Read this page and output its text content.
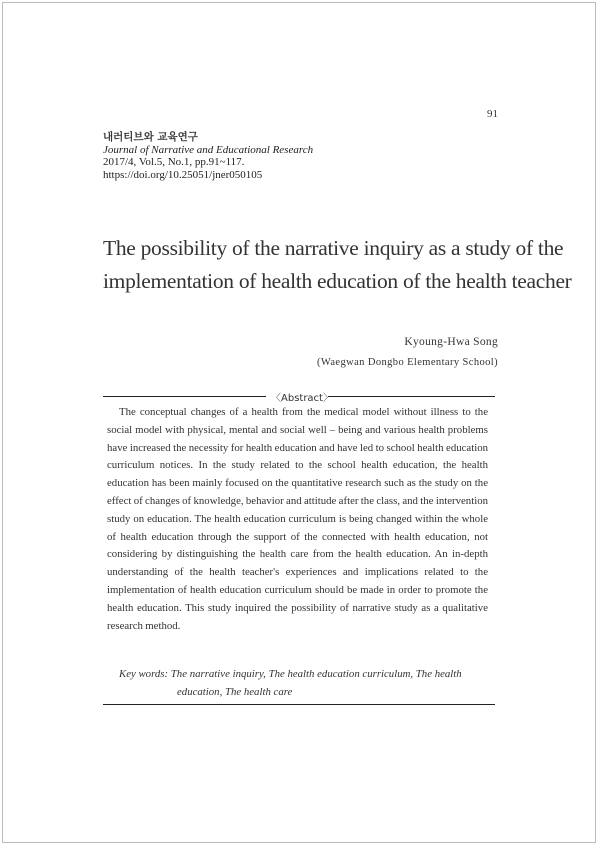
91
내러티브와 교육연구
Journal of Narrative and Educational Research
2017/4, Vol.5, No.1, pp.91~117.
https://doi.org/10.25051/jner050105
The possibility of the narrative inquiry as a study of the
implementation of health education of the health teacher
Kyoung-Hwa Song
(Waegwan Dongbo Elementary School)
〈Abstract〉

The conceptual changes of a health from the medical model without illness to the social model with physical, mental and social well – being and various health problems have increased the necessity for health education and have led to school health education curriculum notices. In the study related to the school health education, the health education has been mainly focused on the quantitative research such as the study on the effect of changes of knowledge, behavior and attitude after the class, and the intervention study on education. The health education curriculum is being changed within the whole of health education through the support of the connected with health education, not considering by distinguishing the health care from the health education. An in-depth understanding of the health teacher's experiences and implications related to the implementation of health education curriculum should be made in order to promote the health education. This study inquired the possibility of narrative study as a qualitative research method.

Key words: The narrative inquiry, The health education curriculum, The health
education, The health care
